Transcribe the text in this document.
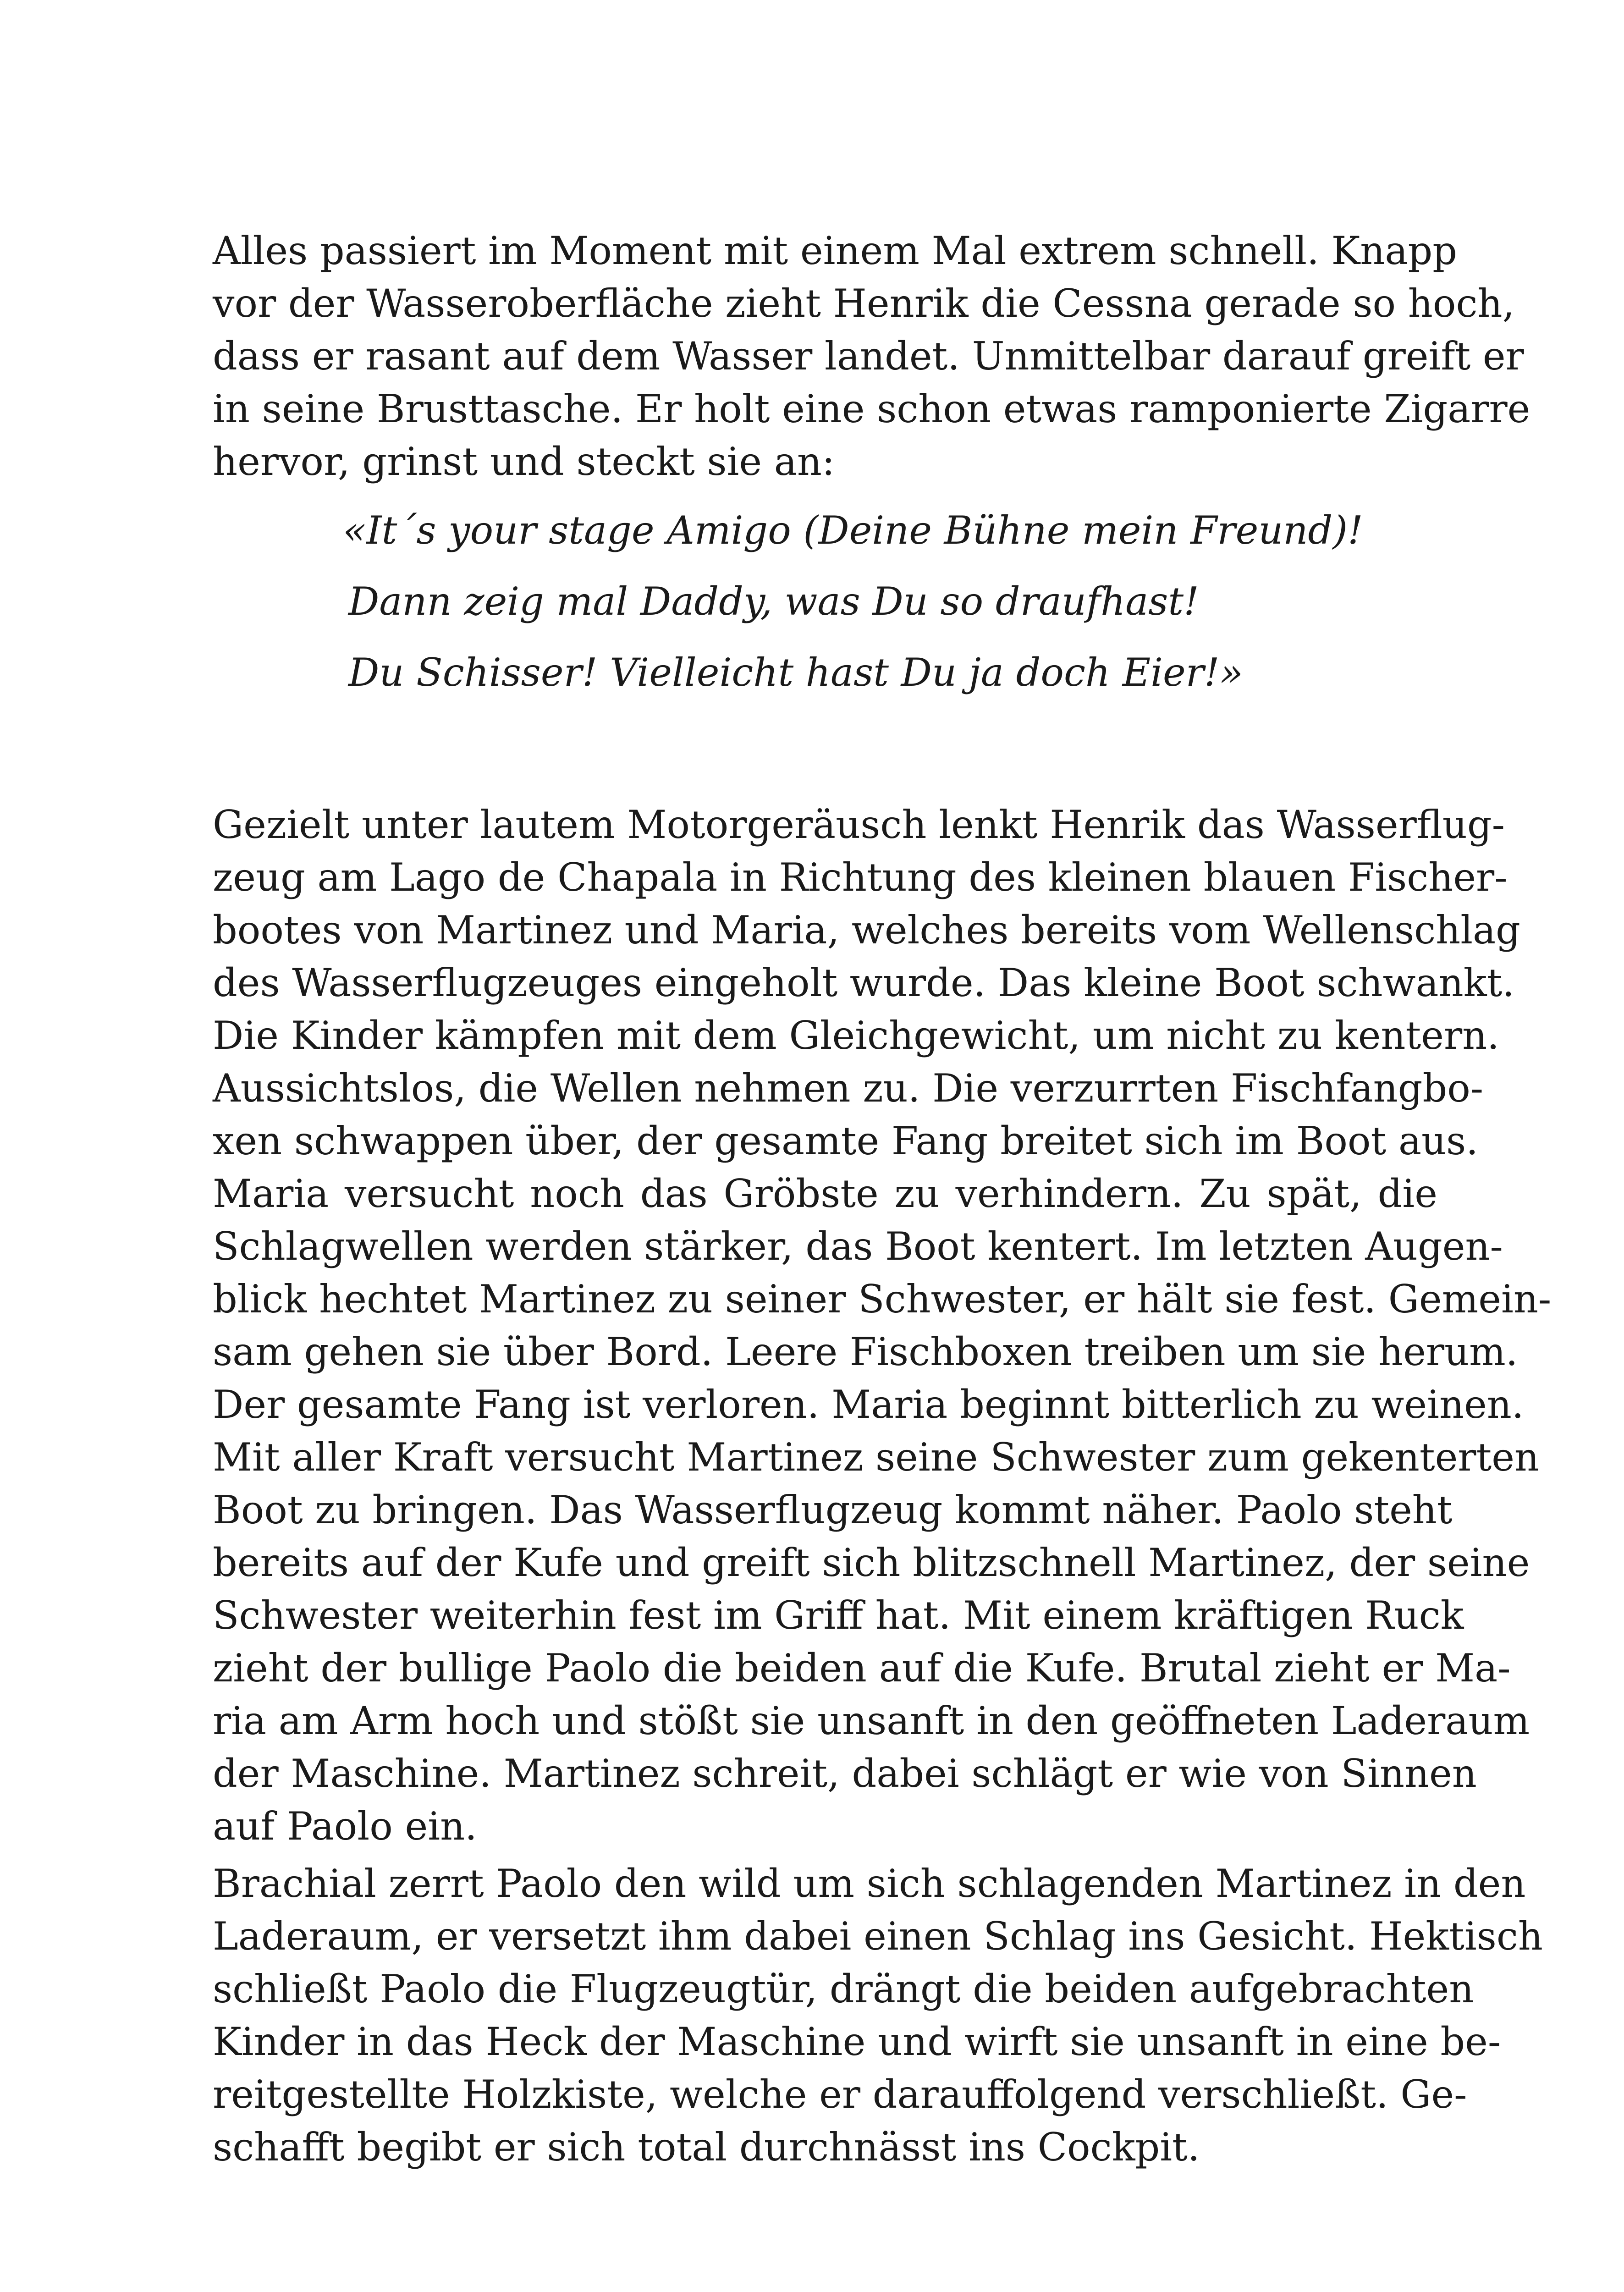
Alles passiert im Moment mit einem Mal extrem schnell. Knapp
vor der Wasseroberfläche zieht Henrik die Cessna gerade so hoch,
dass er rasant auf dem Wasser landet. Unmittelbar darauf greift er
in seine Brusttasche. Er holt eine schon etwas ramponierte Zigarre
hervor, grinst und steckt sie an:
«It´s your stage Amigo (Deine Bühne mein Freund)!
Dann zeig mal Daddy, was Du so draufhast!
Du Schisser! Vielleicht hast Du ja doch Eier!»
Gezielt unter lautem Motorgeräusch lenkt Henrik das Wasserflug-
zeug am Lago de Chapala in Richtung des kleinen blauen Fischer-
bootes von Martinez und Maria, welches bereits vom Wellenschlag
des Wasserflugzeuges eingeholt wurde. Das kleine Boot schwankt.
Die Kinder kämpfen mit dem Gleichgewicht, um nicht zu kentern.
Aussichtslos, die Wellen nehmen zu. Die verzurrten Fischfangbo-
xen schwappen über, der gesamte Fang breitet sich im Boot aus.
Maria versucht noch das Gröbste zu verhindern. Zu spät, die
Schlagwellen werden stärker, das Boot kentert. Im letzten Augen-
blick hechtet Martinez zu seiner Schwester, er hält sie fest. Gemein-
sam gehen sie über Bord. Leere Fischboxen treiben um sie herum.
Der gesamte Fang ist verloren. Maria beginnt bitterlich zu weinen.
Mit aller Kraft versucht Martinez seine Schwester zum gekenterten
Boot zu bringen. Das Wasserflugzeug kommt näher. Paolo steht
bereits auf der Kufe und greift sich blitzschnell Martinez, der seine
Schwester weiterhin fest im Griff hat. Mit einem kräftigen Ruck
zieht der bullige Paolo die beiden auf die Kufe. Brutal zieht er Ma-
ria am Arm hoch und stößt sie unsanft in den geöffneten Laderaum
der Maschine. Martinez schreit, dabei schlägt er wie von Sinnen
auf Paolo ein.
Brachial zerrt Paolo den wild um sich schlagenden Martinez in den
Laderaum, er versetzt ihm dabei einen Schlag ins Gesicht. Hektisch
schließt Paolo die Flugzeugtür, drängt die beiden aufgebrachten
Kinder in das Heck der Maschine und wirft sie unsanft in eine be-
reitgestellte Holzkiste, welche er darauffolgend verschließt. Ge-
schafft begibt er sich total durchnässt ins Cockpit.
